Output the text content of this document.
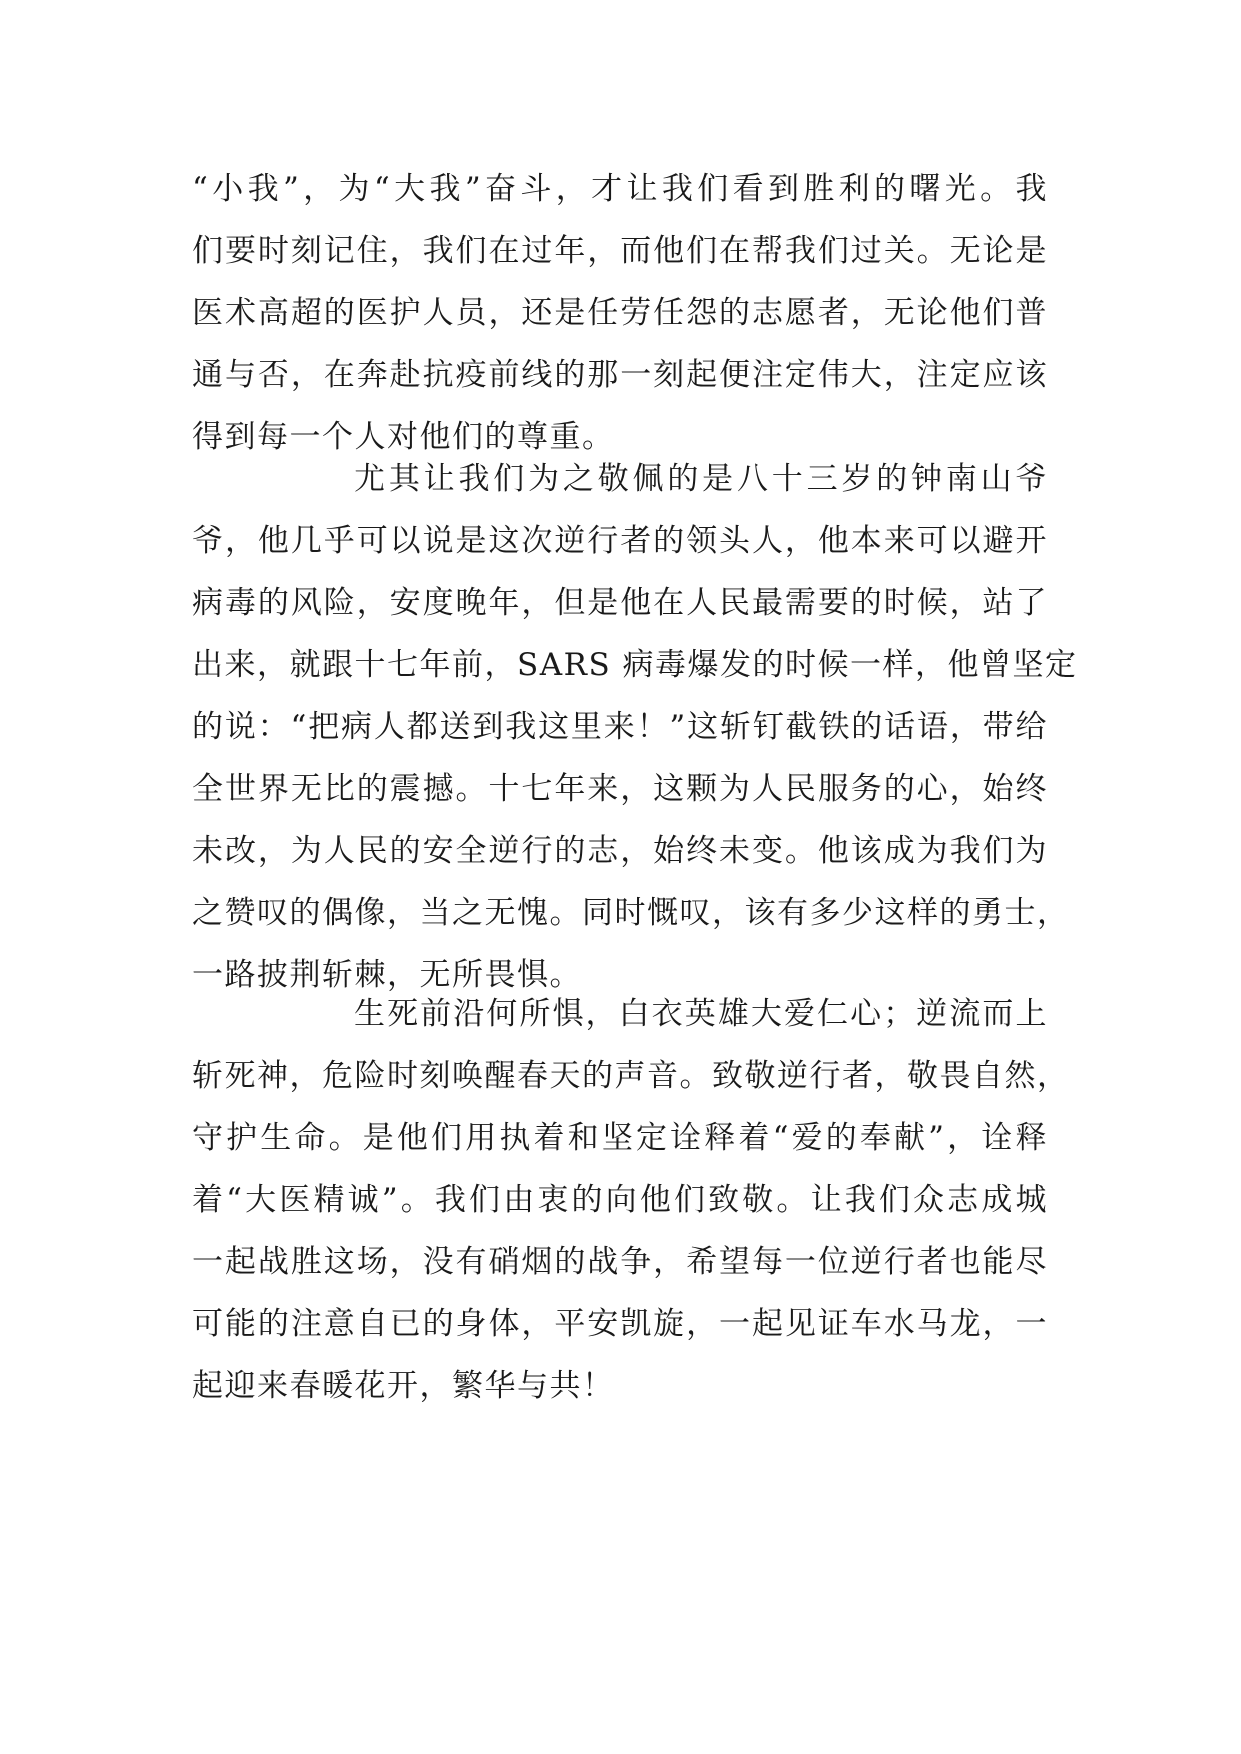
“小我”，为“大我”奋斗，才让我们看到胜利的曙光。我
们要时刻记住，我们在过年，而他们在帮我们过关。无论是
医术高超的医护人员，还是任劳任怨的志愿者，无论他们普
通与否，在奔赴抗疫前线的那一刻起便注定伟大，注定应该
得到每一个人对他们的尊重。
尤其让我们为之敬佩的是八十三岁的钟南山爷
爷，他几乎可以说是这次逆行者的领头人，他本来可以避开
病毒的风险，安度晚年，但是他在人民最需要的时候，站了
出来，就跟十七年前，SARS 病毒爆发的时候一样，他曾坚定
的说：“把病人都送到我这里来！”这斩钉截铁的话语，带给
全世界无比的震撼。十七年来，这颗为人民服务的心，始终
未改，为人民的安全逆行的志，始终未变。他该成为我们为
之赞叹的偶像，当之无愧。同时慨叹，该有多少这样的勇士，
一路披荆斩棘，无所畏惧。
生死前沿何所惧，白衣英雄大爱仁心；逆流而上
斩死神，危险时刻唤醒春天的声音。致敬逆行者，敬畏自然，
守护生命。是他们用执着和坚定诠释着“爱的奉献”，诠释
着“大医精诚”。我们由衷的向他们致敬。让我们众志成城
一起战胜这场，没有硝烟的战争，希望每一位逆行者也能尽
可能的注意自已的身体，平安凯旋，一起见证车水马龙，一
起迎来春暖花开，繁华与共！
